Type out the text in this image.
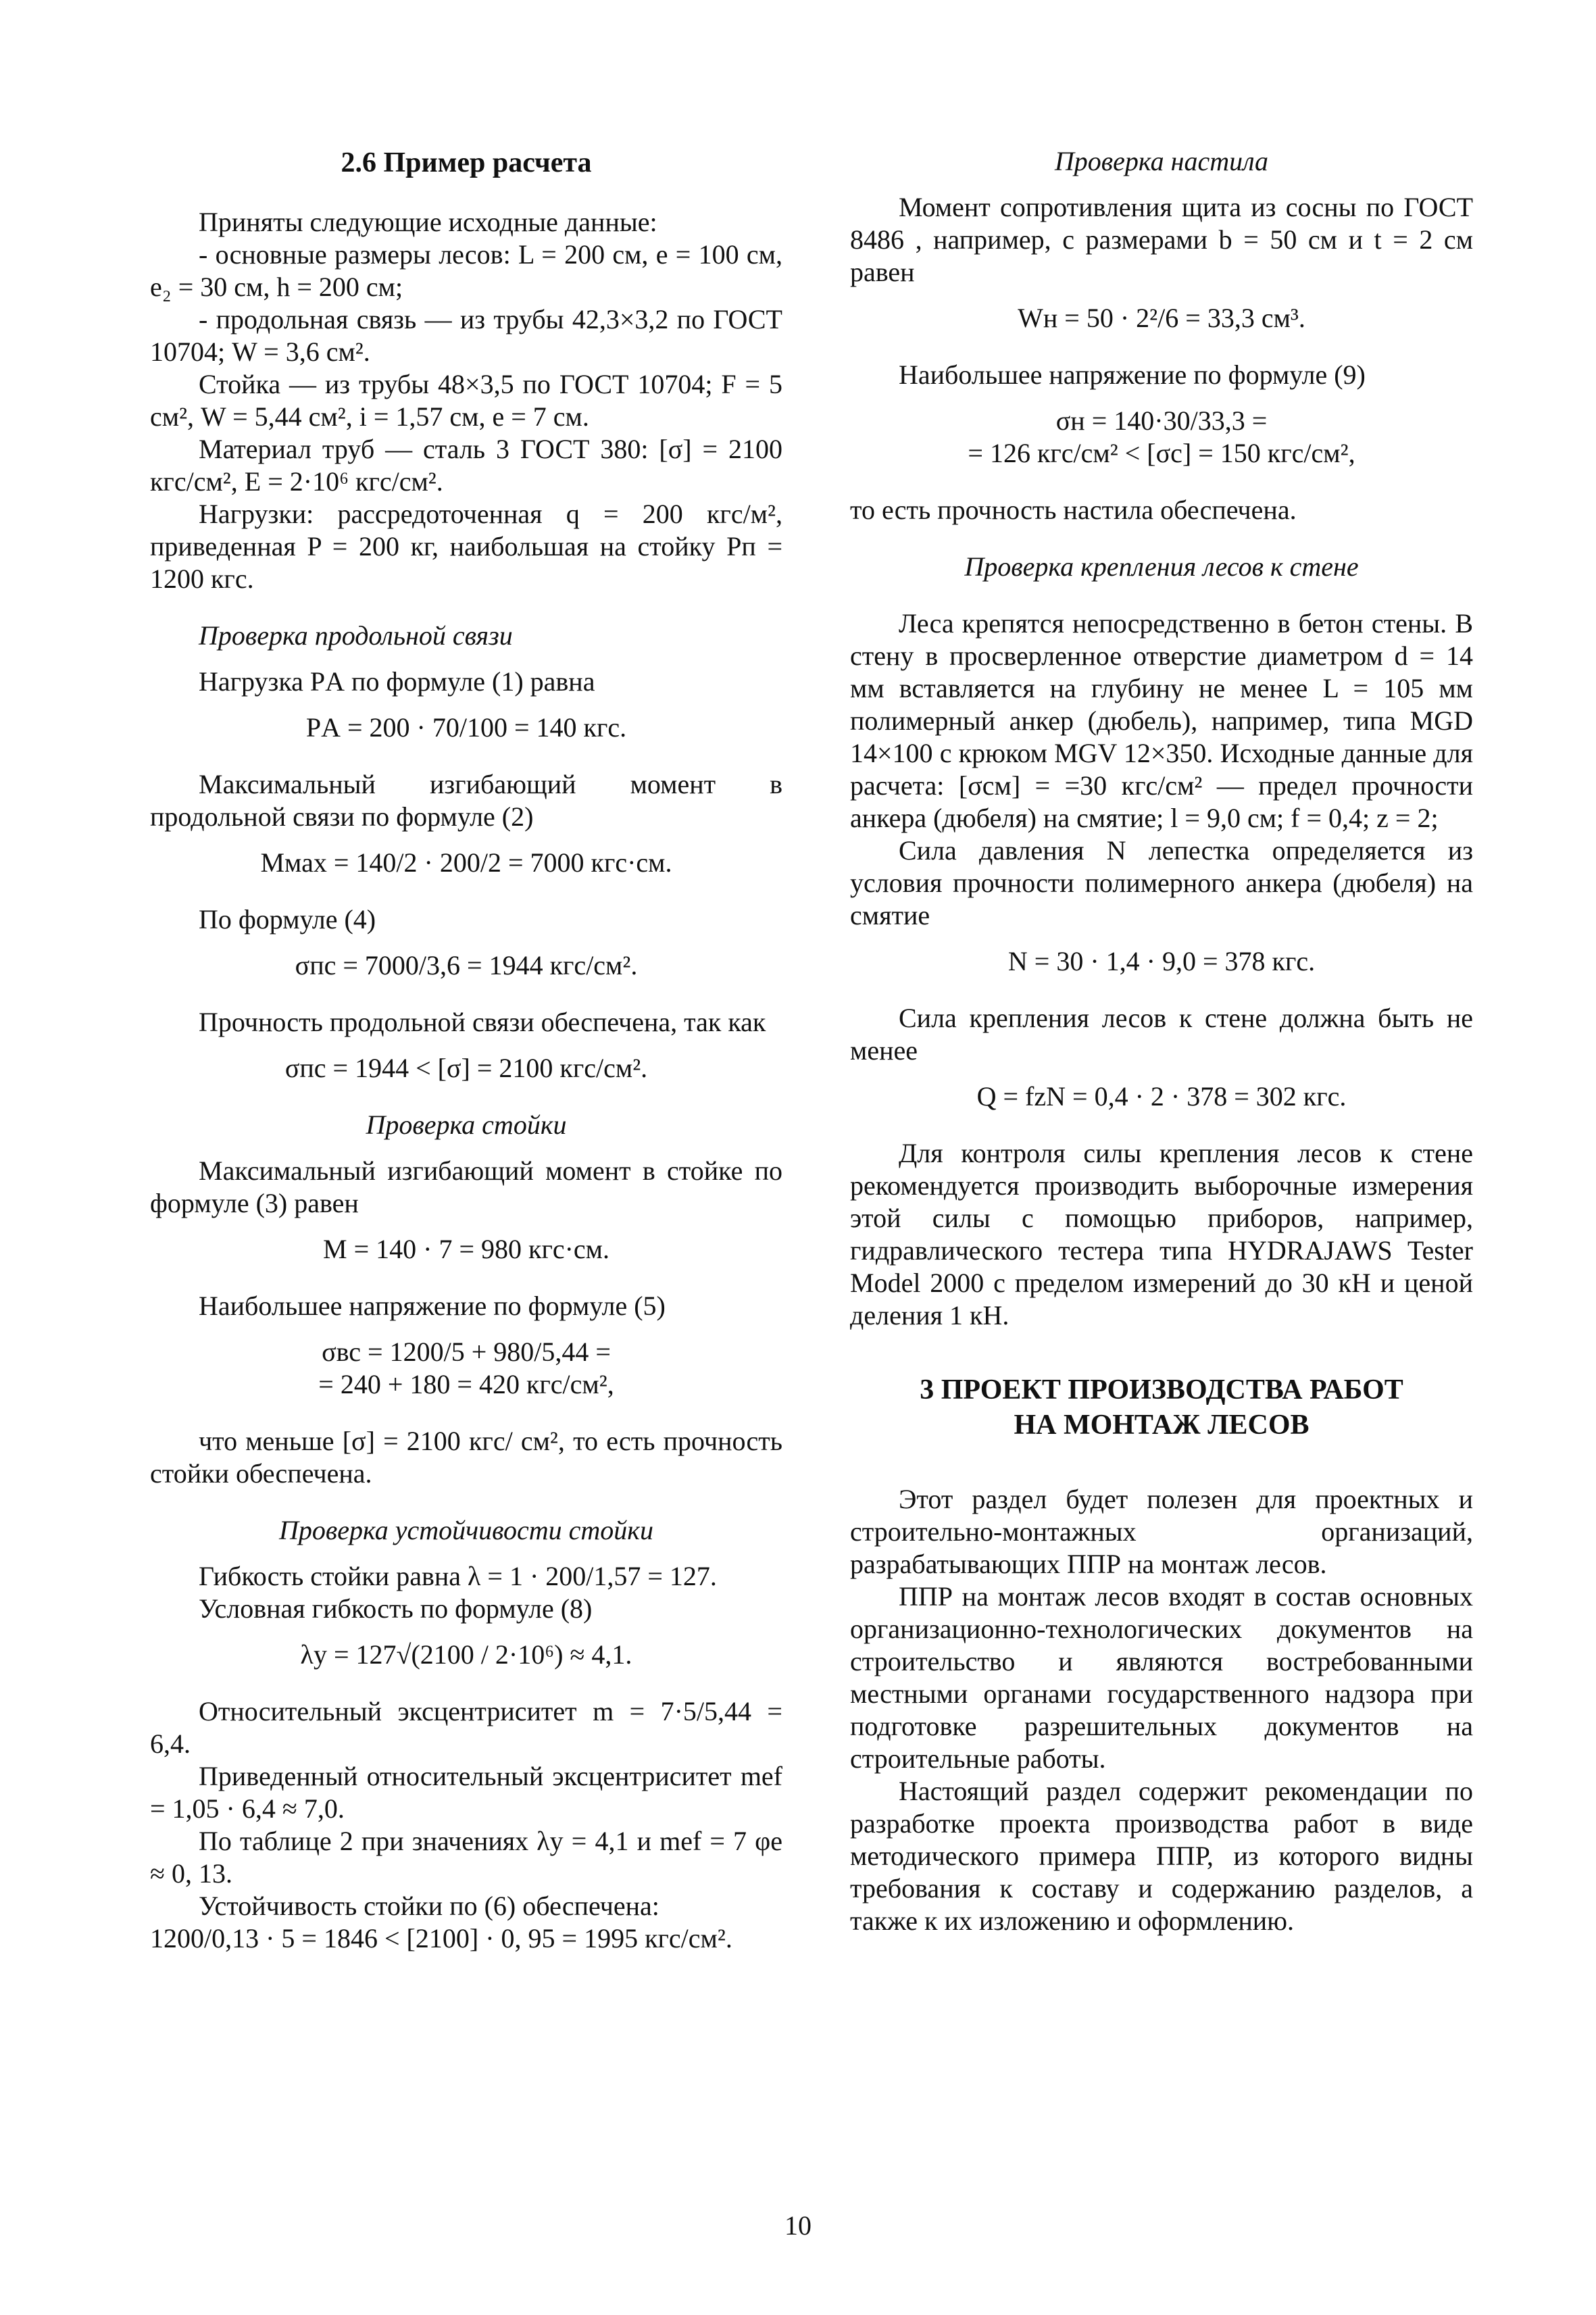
2.6 Пример расчета

Приняты следующие исходные данные:

- основные размеры лесов: L = 200 см, e = 100 см, e₂ = 30 см, h = 200 см;

- продольная связь — из трубы 42,3×3,2 по ГОСТ 10704; W = 3,6 см².

Стойка — из трубы 48×3,5 по ГОСТ 10704; F = 5 см², W = 5,44 см², i = 1,57 см, e = 7 см.

Материал труб — сталь 3 ГОСТ 380: [σ] = 2100 кгс/см², E = 2·10⁶ кгс/см².

Нагрузки: рассредоточенная q = 200 кгс/м², приведенная P = 200 кг, наибольшая на стойку Pп = 1200 кгс.

Проверка продольной связи

Нагрузка PА по формуле (1) равна

PА = 200 · 70/100 = 140 кгс.

Максимальный изгибающий момент в продольной связи по формуле (2)

Mмах = 140/2 · 200/2 = 7000 кгс·см.

По формуле (4)

σпс = 7000/3,6 = 1944 кгс/см².

Прочность продольной связи обеспечена, так как

σпс = 1944 < [σ] = 2100 кгс/см².

Проверка стойки

Максимальный изгибающий момент в стойке по формуле (3) равен

M = 140 · 7 = 980 кгс·см.

Наибольшее напряжение по формуле (5)

σвс = 1200/5 + 980/5,44 =

= 240 + 180 = 420 кгс/см²,

что меньше [σ] = 2100 кгс/ см², то есть прочность стойки обеспечена.

Проверка устойчивости стойки

Гибкость стойки равна λ = 1 · 200/1,57 = 127.

Условная гибкость по формуле (8)

λу = 127√(2100 / 2·10⁶) ≈ 4,1.

Относительный эксцентриситет m = 7·5/5,44 = 6,4.

Приведенный относительный эксцентриситет mef = 1,05 · 6,4 ≈ 7,0.

По таблице 2 при значениях λу = 4,1 и mef = 7 φе ≈ 0, 13.

Устойчивость стойки по (6) обеспечена:

1200/0,13 · 5 = 1846 < [2100] · 0, 95 = 1995 кгс/см².

Проверка настила

Момент сопротивления щита из сосны по ГОСТ 8486 , например, с размерами b = 50 см и t = 2 см равен

Wн = 50 · 2²/6 = 33,3 см³.

Наибольшее напряжение по формуле (9)

σн = 140·30/33,3 =

= 126 кгс/см² < [σс] = 150 кгс/см²,

то есть прочность настила обеспечена.

Проверка крепления лесов к стене

Леса крепятся непосредственно в бетон стены. В стену в просверленное отверстие диаметром d = 14 мм вставляется на глубину не менее L = 105 мм полимерный анкер (дюбель), например, типа MGD 14×100 с крюком MGV 12×350. Исходные данные для расчета: [σсм] = =30 кгс/см² — предел прочности анкера (дюбеля) на смятие; l = 9,0 см; f = 0,4; z = 2;

Сила давления N лепестка определяется из условия прочности полимерного анкера (дюбеля) на смятие

N = 30 · 1,4 · 9,0 = 378 кгс.

Сила крепления лесов к стене должна быть не менее

Q = fzN = 0,4 · 2 · 378 = 302 кгс.

Для контроля силы крепления лесов к стене рекомендуется производить выборочные измерения этой силы с помощью приборов, например, гидравлического тестера типа HYDRAJAWS Tester Model 2000 с пределом измерений до 30 кН и ценой деления 1 кН.

3 ПРОЕКТ ПРОИЗВОДСТВА РАБОТ
НА МОНТАЖ ЛЕСОВ

Этот раздел будет полезен для проектных и строительно-монтажных организаций, разрабатывающих ППР на монтаж лесов.

ППР на монтаж лесов входят в состав основных организационно-технологических документов на строительство и являются востребованными местными органами государственного надзора при подготовке разрешительных документов на строительные работы.

Настоящий раздел содержит рекомендации по разработке проекта производства работ в виде методического примера ППР, из которого видны требования к составу и содержанию разделов, а также к их изложению и оформлению.

10
